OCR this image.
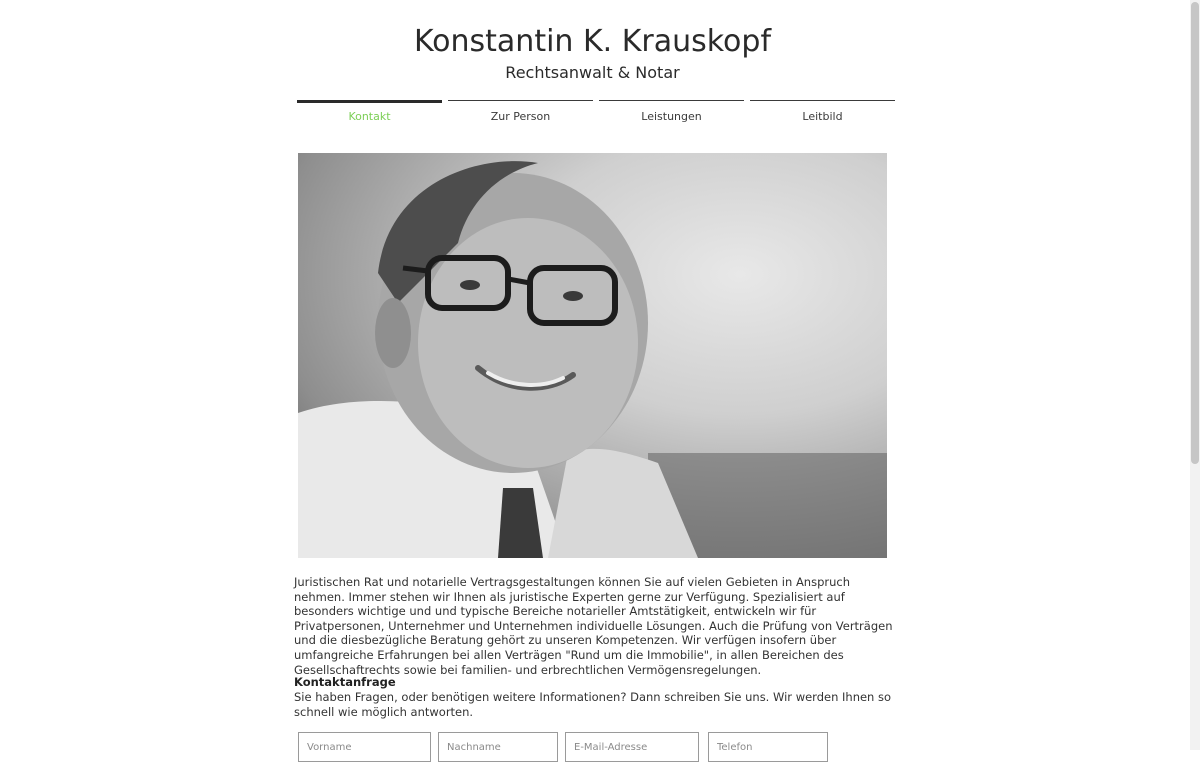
Konstantin K. Krauskopf
Rechtsanwalt & Notar
Kontakt	Zur Person	Leistungen	Leitbild

Juristischen Rat und notarielle Vertragsgestaltungen können Sie auf vielen Gebieten in Anspruch nehmen. Immer stehen wir Ihnen als juristische Experten gerne zur Verfügung. Spezialisiert auf besonders wichtige und und typische Bereiche notarieller Amtstätigkeit, entwickeln wir für Privatpersonen, Unternehmer und Unternehmen individuelle Lösungen. Auch die Prüfung von Verträgen und die diesbezügliche Beratung gehört zu unseren Kompetenzen. Wir verfügen insofern über umfangreiche Erfahrungen bei allen Verträgen "Rund um die Immobilie", in allen Bereichen des Gesellschaftrechts sowie bei familien- und erbrechtlichen Vermögensregelungen.

Kontaktanfrage

Sie haben Fragen, oder benötigen weitere Informationen? Dann schreiben Sie uns. Wir werden Ihnen so schnell wie möglich antworten.

Vorname
Nachname
E-Mail-Adresse
Telefon
